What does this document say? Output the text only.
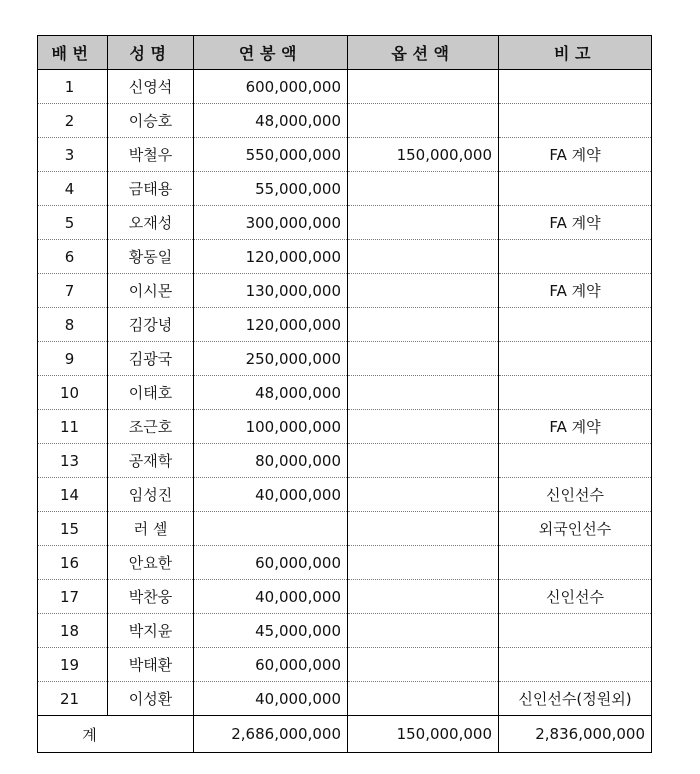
배번	성명	연봉액	옵션액	비고
1	신영석	600,000,000		
2	이승호	48,000,000		
3	박철우	550,000,000	150,000,000	FA 계약
4	금태용	55,000,000		
5	오재성	300,000,000		FA 계약
6	황동일	120,000,000		
7	이시몬	130,000,000		FA 계약
8	김강녕	120,000,000		
9	김광국	250,000,000		
10	이태호	48,000,000		
11	조근호	100,000,000		FA 계약
13	공재학	80,000,000		
14	임성진	40,000,000		신인선수
15	러 셀			외국인선수
16	안요한	60,000,000		
17	박찬웅	40,000,000		신인선수
18	박지윤	45,000,000		
19	박태환	60,000,000		
21	이성환	40,000,000		신인선수(정원외)
계		2,686,000,000	150,000,000	2,836,000,000
